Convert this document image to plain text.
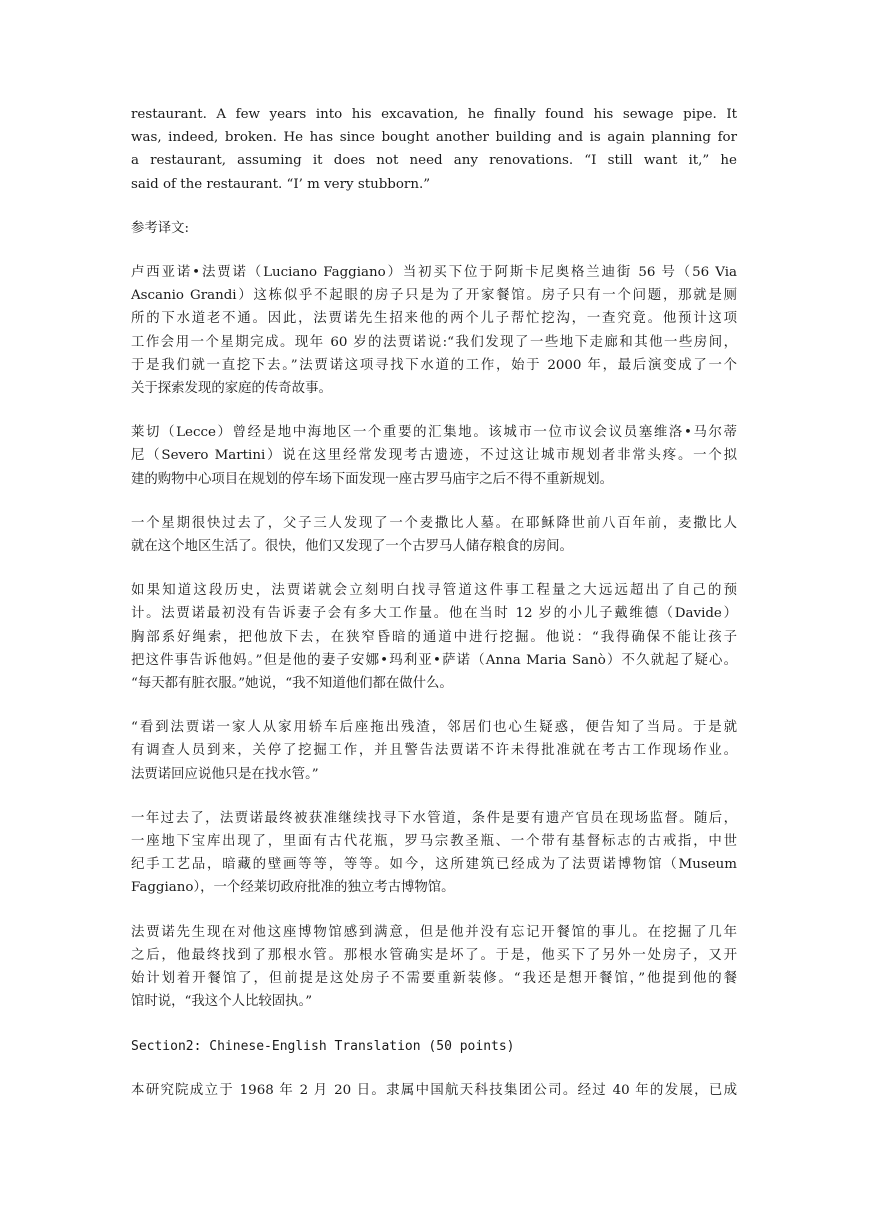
restaurant. A few years into his excavation, he finally found his sewage pipe. It
was, indeed, broken. He has since bought another building and is again planning for
a restaurant, assuming it does not need any renovations. “I still want it,” he
said of the restaurant. “I’ m very stubborn.”

参考译文:

卢西亚诺•法贾诺（Luciano Faggiano）当初买下位于阿斯卡尼奥格兰迪街 56 号（56 Via
Ascanio Grandi）这栋似乎不起眼的房子只是为了开家餐馆。房子只有一个问题，那就是厕
所的下水道老不通。因此，法贾诺先生招来他的两个儿子帮忙挖沟，一查究竟。他预计这项
工作会用一个星期完成。现年 60 岁的法贾诺说:“我们发现了一些地下走廊和其他一些房间，
于是我们就一直挖下去。”法贾诺这项寻找下水道的工作，始于 2000 年，最后演变成了一个
关于探索发现的家庭的传奇故事。

莱切（Lecce）曾经是地中海地区一个重要的汇集地。该城市一位市议会议员塞维洛•马尔蒂
尼（Severo Martini）说在这里经常发现考古遗迹，不过这让城市规划者非常头疼。一个拟
建的购物中心项目在规划的停车场下面发现一座古罗马庙宇之后不得不重新规划。

一个星期很快过去了，父子三人发现了一个麦撒比人墓。在耶稣降世前八百年前，麦撒比人
就在这个地区生活了。很快，他们又发现了一个古罗马人储存粮食的房间。

如果知道这段历史，法贾诺就会立刻明白找寻管道这件事工程量之大远远超出了自己的预
计。法贾诺最初没有告诉妻子会有多大工作量。他在当时 12 岁的小儿子戴维德（Davide）
胸部系好绳索，把他放下去，在狭窄昏暗的通道中进行挖掘。他说：“我得确保不能让孩子
把这件事告诉他妈。”但是他的妻子安娜•玛利亚•萨诺（Anna Maria Sanò）不久就起了疑心。
“每天都有脏衣服。”她说，“我不知道他们都在做什么。

“看到法贾诺一家人从家用轿车后座拖出残渣，邻居们也心生疑惑，便告知了当局。于是就
有调查人员到来，关停了挖掘工作，并且警告法贾诺不许未得批准就在考古工作现场作业。
法贾诺回应说他只是在找水管。”

一年过去了，法贾诺最终被获准继续找寻下水管道，条件是要有遗产官员在现场监督。随后，
一座地下宝库出现了，里面有古代花瓶，罗马宗教圣瓶、一个带有基督标志的古戒指，中世
纪手工艺品，暗藏的壁画等等，等等。如今，这所建筑已经成为了法贾诺博物馆（Museum
Faggiano），一个经莱切政府批准的独立考古博物馆。

法贾诺先生现在对他这座博物馆感到满意，但是他并没有忘记开餐馆的事儿。在挖掘了几年
之后，他最终找到了那根水管。那根水管确实是坏了。于是，他买下了另外一处房子，又开
始计划着开餐馆了，但前提是这处房子不需要重新装修。“我还是想开餐馆，”他提到他的餐
馆时说，“我这个人比较固执。”

Section2: Chinese-English Translation (50 points)

本研究院成立于 1968 年 2 月 20 日。隶属中国航天科技集团公司。经过 40 年的发展，已成
